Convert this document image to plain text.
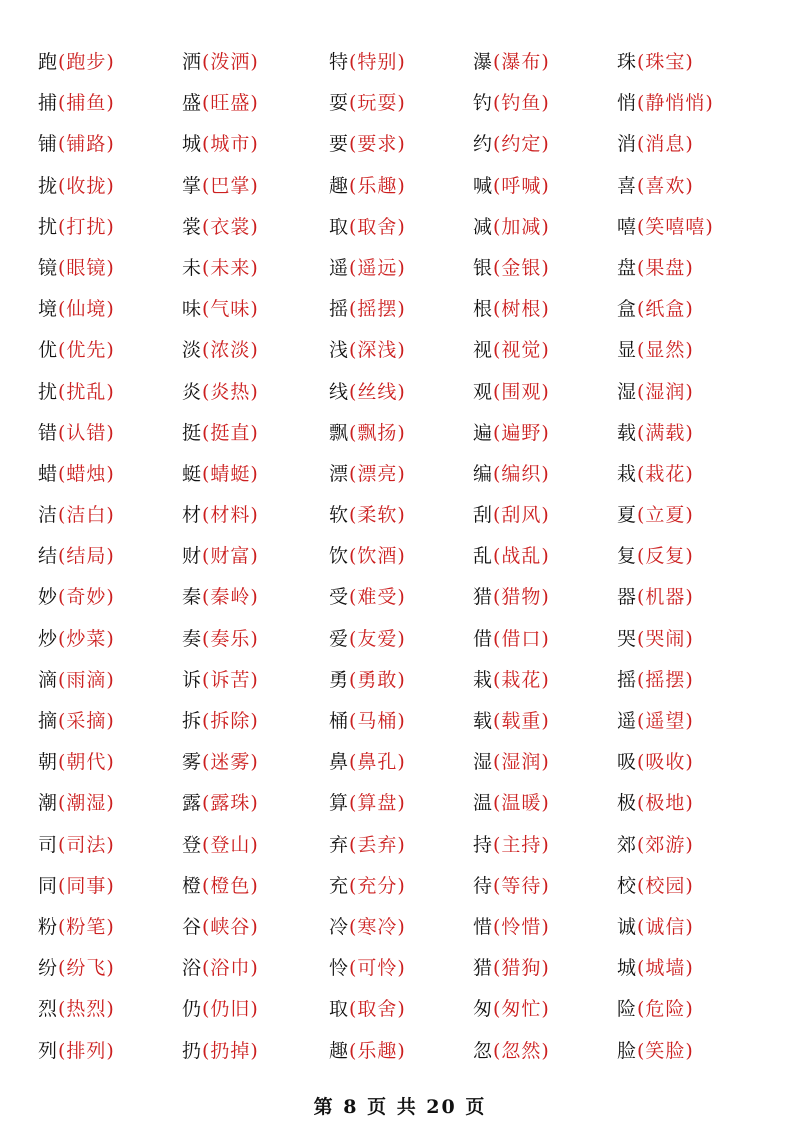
跑(跑步)	洒(泼洒)	特(特别)	瀑(瀑布)	珠(珠宝)
捕(捕鱼)	盛(旺盛)	耍(玩耍)	钓(钓鱼)	悄(静悄悄)
铺(铺路)	城(城市)	要(要求)	约(约定)	消(消息)
拢(收拢)	掌(巴掌)	趣(乐趣)	喊(呼喊)	喜(喜欢)
扰(打扰)	裳(衣裳)	取(取舍)	减(加减)	嘻(笑嘻嘻)
镜(眼镜)	未(未来)	遥(遥远)	银(金银)	盘(果盘)
境(仙境)	味(气味)	摇(摇摆)	根(树根)	盒(纸盒)
优(优先)	淡(浓淡)	浅(深浅)	视(视觉)	显(显然)
扰(扰乱)	炎(炎热)	线(丝线)	观(围观)	湿(湿润)
错(认错)	挺(挺直)	飘(飘扬)	遍(遍野)	载(满载)
蜡(蜡烛)	蜓(蜻蜓)	漂(漂亮)	编(编织)	栽(栽花)
洁(洁白)	材(材料)	软(柔软)	刮(刮风)	夏(立夏)
结(结局)	财(财富)	饮(饮酒)	乱(战乱)	复(反复)
妙(奇妙)	秦(秦岭)	受(难受)	猎(猎物)	器(机器)
炒(炒菜)	奏(奏乐)	爱(友爱)	借(借口)	哭(哭闹)
滴(雨滴)	诉(诉苦)	勇(勇敢)	栽(栽花)	摇(摇摆)
摘(采摘)	拆(拆除)	桶(马桶)	载(载重)	遥(遥望)
朝(朝代)	雾(迷雾)	鼻(鼻孔)	湿(湿润)	吸(吸收)
潮(潮湿)	露(露珠)	算(算盘)	温(温暖)	极(极地)
司(司法)	登(登山)	弃(丢弃)	持(主持)	郊(郊游)
同(同事)	橙(橙色)	充(充分)	待(等待)	校(校园)
粉(粉笔)	谷(峡谷)	冷(寒冷)	惜(怜惜)	诚(诚信)
纷(纷飞)	浴(浴巾)	怜(可怜)	猎(猎狗)	城(城墙)
烈(热烈)	仍(仍旧)	取(取舍)	匆(匆忙)	险(危险)
列(排列)	扔(扔掉)	趣(乐趣)	忽(忽然)	脸(笑脸)
第 8 页 共 20 页
